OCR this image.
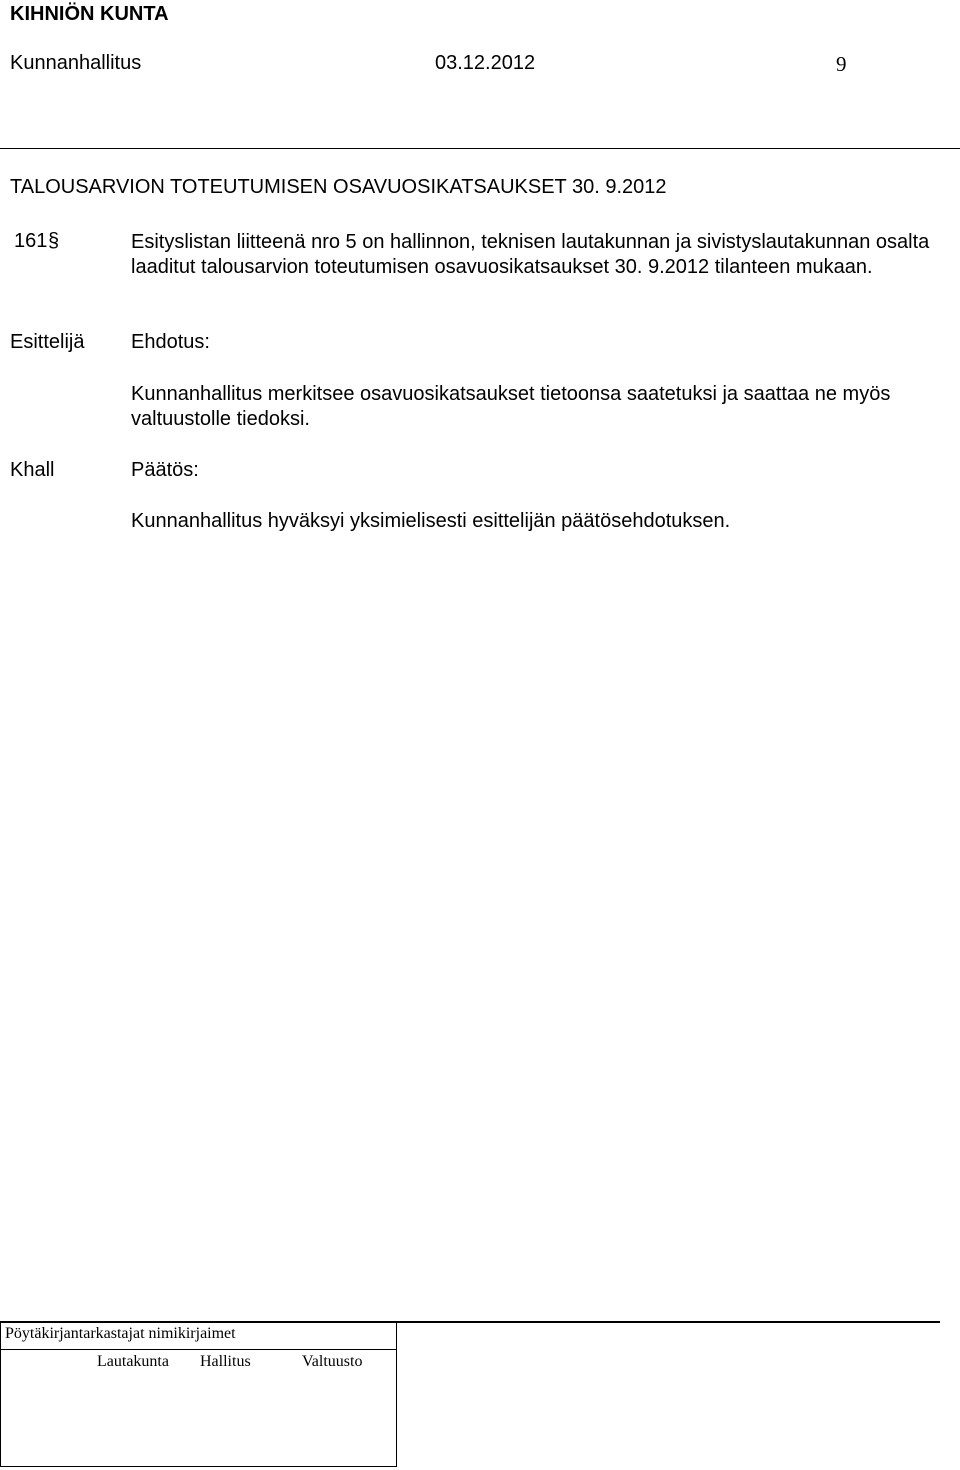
KIHNIÖN KUNTA
Kunnanhallitus	03.12.2012	9
TALOUSARVION TOTEUTUMISEN OSAVUOSIKATSAUKSET 30. 9.2012
161 §	Esityslistan liitteenä nro 5 on hallinnon, teknisen lautakunnan ja sivistyslautakunnan osalta laaditut talousarvion toteutumisen osavuosikatsaukset 30. 9.2012 tilanteen mukaan.
Esittelijä Ehdotus:
Kunnanhallitus merkitsee osavuosikatsaukset tietoonsa saatetuksi ja saattaa ne myös valtuustolle tiedoksi.
Khall	Päätös:
Kunnanhallitus hyväksyi yksimielisesti esittelijän päätösehdotuksen.
Pöytäkirjantarkastajat nimikirjaimet
Lautakunta Hallitus	Valtuusto
